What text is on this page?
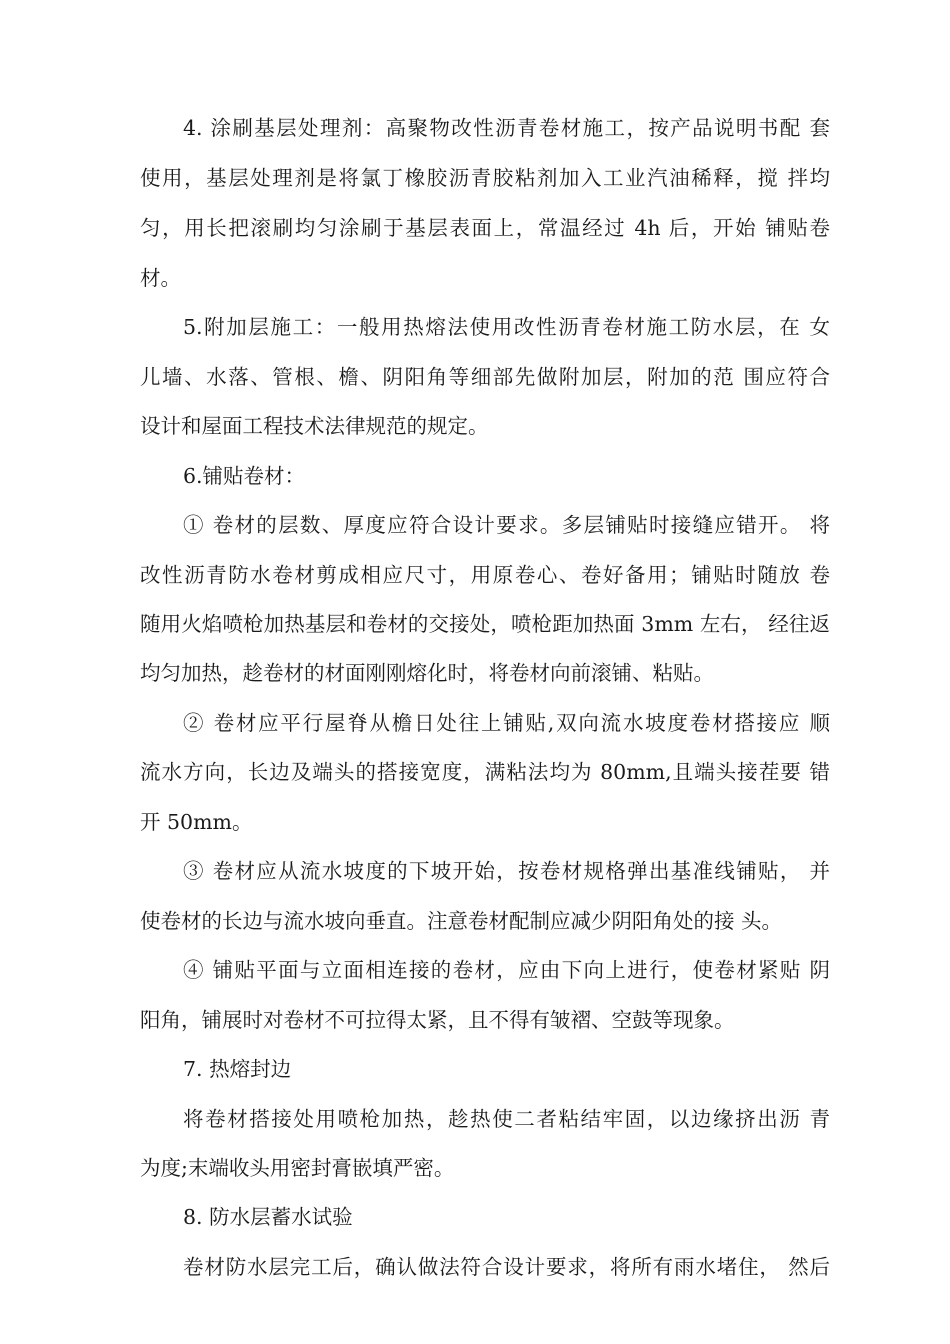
4. 涂刷基层处理剂：高聚物改性沥青卷材施工，按产品说明书配 套
使用，基层处理剂是将氯丁橡胶沥青胶粘剂加入工业汽油稀释，搅 拌均
匀，用长把滚刷均匀涂刷于基层表面上，常温经过 4h 后，开始 铺贴卷
材。
5.附加层施工：一般用热熔法使用改性沥青卷材施工防水层，在 女
儿墙、水落、管根、檐、阴阳角等细部先做附加层，附加的范 围应符合
设计和屋面工程技术法律规范的规定。
6.铺贴卷材：
① 卷材的层数、厚度应符合设计要求。多层铺贴时接缝应错开。 将
改性沥青防水卷材剪成相应尺寸，用原卷心、卷好备用；铺贴时随放 卷
随用火焰喷枪加热基层和卷材的交接处，喷枪距加热面 3mm 左右， 经往返
均匀加热，趁卷材的材面刚刚熔化时，将卷材向前滚铺、粘贴。
② 卷材应平行屋脊从檐日处往上铺贴,双向流水坡度卷材搭接应 顺
流水方向，长边及端头的搭接宽度，满粘法均为 80mm,且端头接茬要 错
开 50mm。
③ 卷材应从流水坡度的下坡开始，按卷材规格弹出基准线铺贴， 并
使卷材的长边与流水坡向垂直。注意卷材配制应减少阴阳角处的接 头。
④ 铺贴平面与立面相连接的卷材，应由下向上进行，使卷材紧贴 阴
阳角，铺展时对卷材不可拉得太紧，且不得有皱褶、空鼓等现象。
7. 热熔封边
将卷材搭接处用喷枪加热，趁热使二者粘结牢固，以边缘挤出沥 青
为度;末端收头用密封膏嵌填严密。
8. 防水层蓄水试验
卷材防水层完工后，确认做法符合设计要求，将所有雨水堵住， 然后
